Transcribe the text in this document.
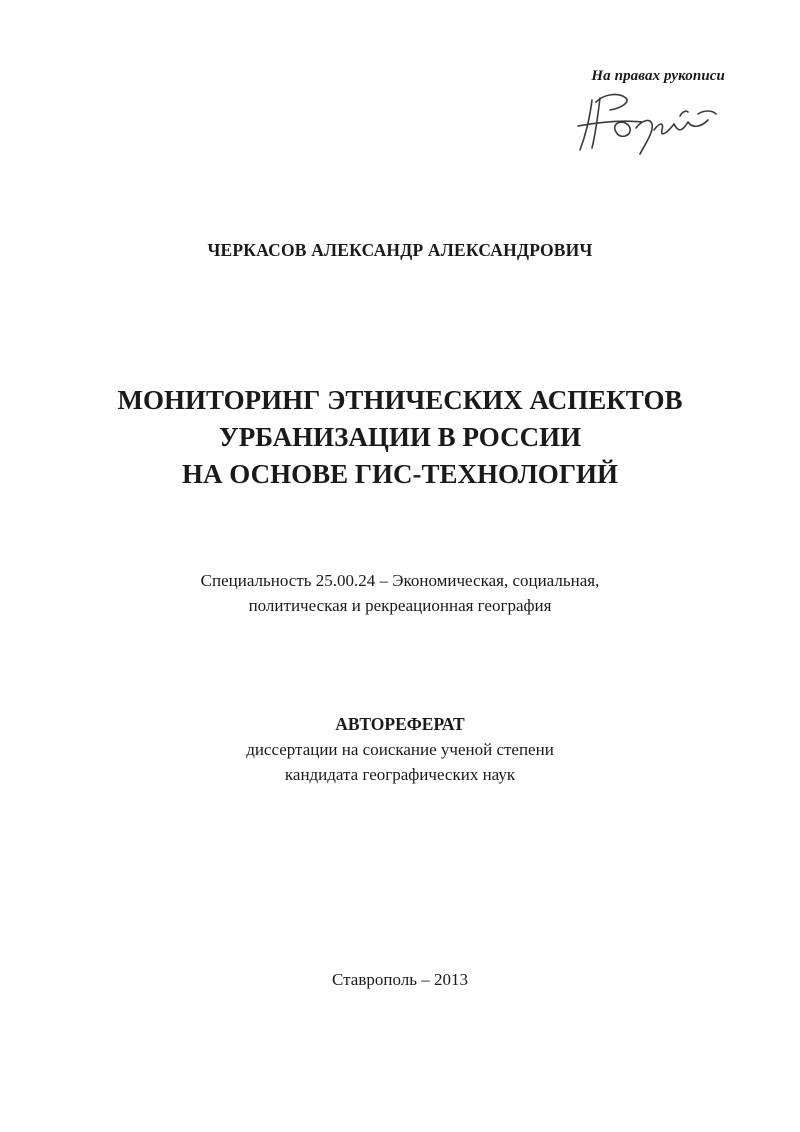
На правах рукописи
ЧЕРКАСОВ АЛЕКСАНДР АЛЕКСАНДРОВИЧ
МОНИТОРИНГ ЭТНИЧЕСКИХ АСПЕКТОВ
УРБАНИЗАЦИИ В РОССИИ
НА ОСНОВЕ ГИС-ТЕХНОЛОГИЙ
Специальность 25.00.24 – Экономическая, социальная,
политическая и рекреационная география
АВТОРЕФЕРАТ
диссертации на соискание ученой степени
кандидата географических наук
Ставрополь – 2013
